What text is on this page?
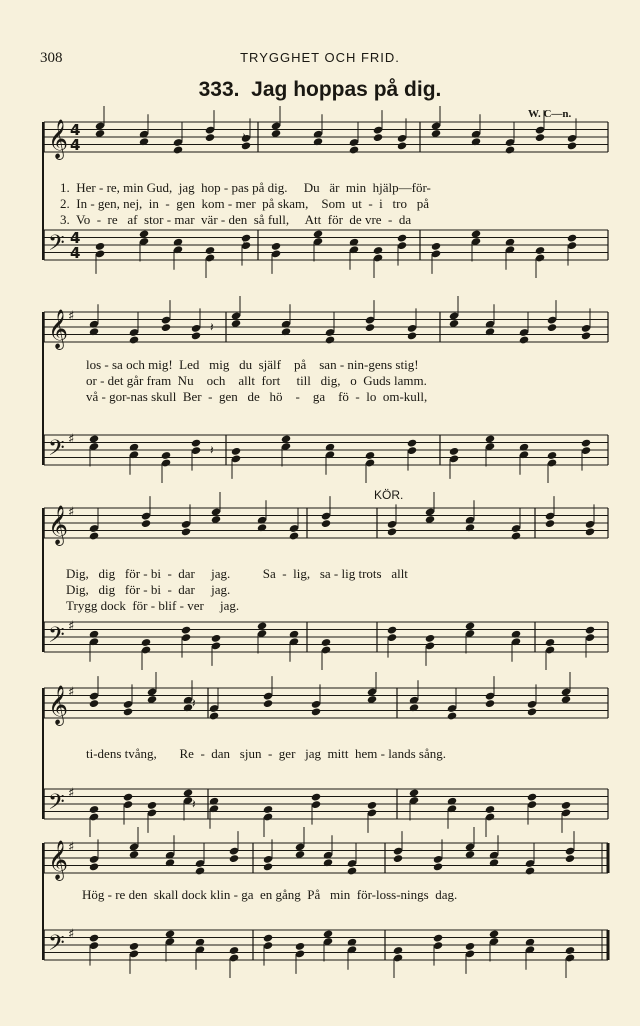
308	TRYGGHET OCH FRID.
333. Jag hoppas på dig.
W. C—n.
KÖR.
𝄞 4
4	𝄽
𝄢 4
4	𝄽
𝄞 ♯
𝄽
𝄢 ♯
𝄽
𝄞 ♯
𝄢 ♯
𝄞 ♯
𝄽
𝄢 ♯
𝄽
𝄞 ♯
𝄢 ♯
1.  Her - re, min Gud,  jag  hop - pas på dig.     Du   är  min  hjälp—för-
2.  In - gen, nej,  in  -  gen  kom - mer  på skam,    Som  ut  -  i   tro   på
3.  Vo  -  re   af  stor - mar  vär - den  så full,     Att  för  de vre  -  da
los - sa och mig!  Led   mig   du  själf    på    san - nin-gens stig!
or - det går fram  Nu    och    allt  fort     till   dig,   o  Guds lamm.
vå - gor-nas skull  Ber  -  gen   de   hö    -    ga    fö  -  lo  om-kull,
Dig,   dig   för - bi  -  dar     jag.          Sa  -  lig,   sa - lig trots   allt
Dig,   dig   för - bi  -  dar     jag.
Trygg dock  för - blif - ver     jag.
ti-dens tvång,       Re  -  dan   sjun  -  ger   jag  mitt  hem - lands sång.
Hög - re den  skall dock klin - ga  en gång  På   min  för-loss-nings  dag.
